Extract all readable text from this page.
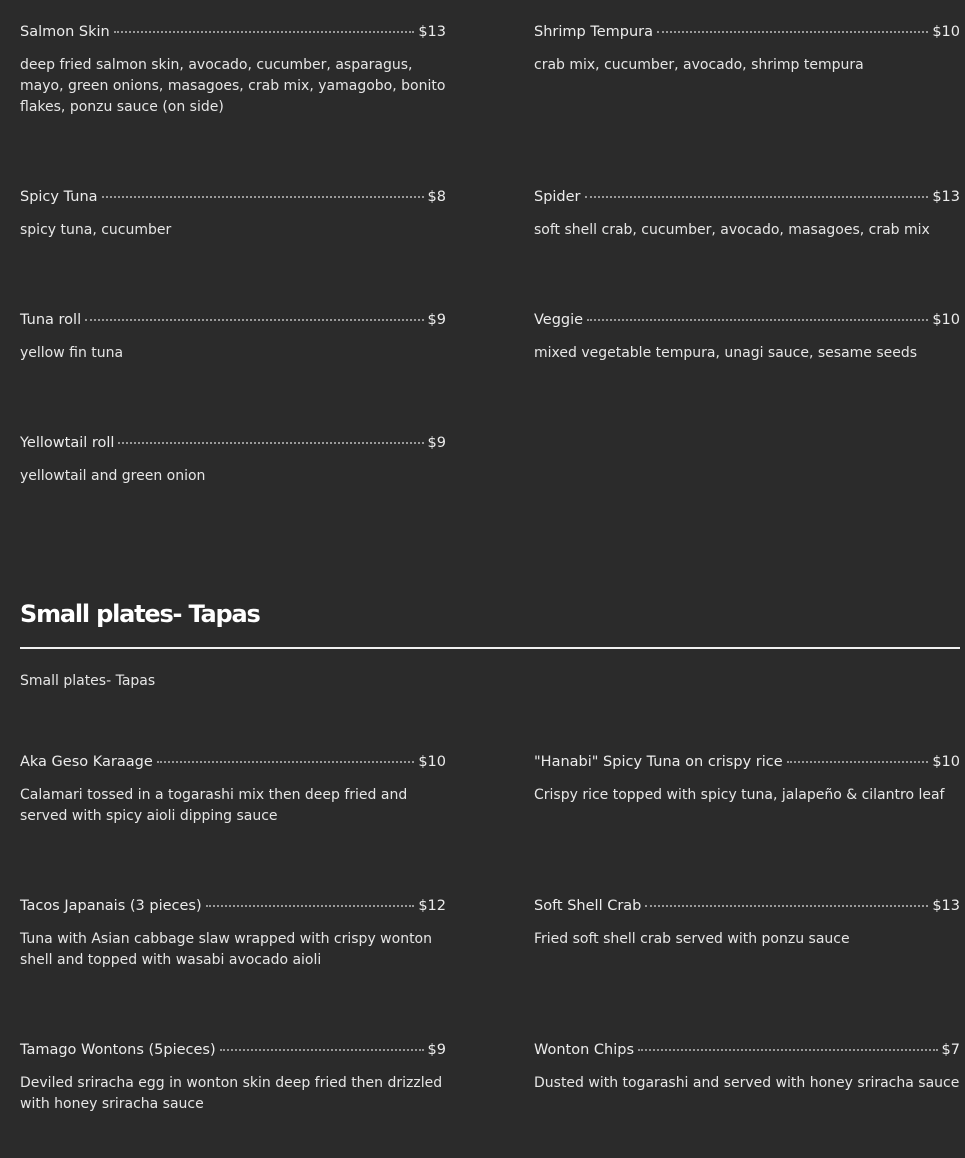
Salmon Skin	$13
deep fried salmon skin, avocado, cucumber, asparagus, mayo, green onions, masagoes, crab mix, yamagobo, bonito flakes, ponzu sauce (on side)
Shrimp Tempura	$10
crab mix, cucumber, avocado, shrimp tempura
Spicy Tuna	$8
spicy tuna, cucumber
Spider	$13
soft shell crab, cucumber, avocado, masagoes, crab mix
Tuna roll	$9
yellow fin tuna
Veggie	$10
mixed vegetable tempura, unagi sauce, sesame seeds
Yellowtail roll	$9
yellowtail and green onion
Small plates- Tapas
Small plates- Tapas
Aka Geso Karaage	$10
Calamari tossed in a togarashi mix then deep fried and served with spicy aioli dipping sauce
"Hanabi" Spicy Tuna on crispy rice	$10
Crispy rice topped with spicy tuna, jalapeño & cilantro leaf
Tacos Japanais (3 pieces)	$12
Tuna with Asian cabbage slaw wrapped with crispy wonton shell and topped with wasabi avocado aioli
Soft Shell Crab	$13
Fried soft shell crab served with ponzu sauce
Tamago Wontons (5pieces)	$9
Deviled sriracha egg in wonton skin deep fried then drizzled with honey sriracha sauce
Wonton Chips	$7
Dusted with togarashi and served with honey sriracha sauce
